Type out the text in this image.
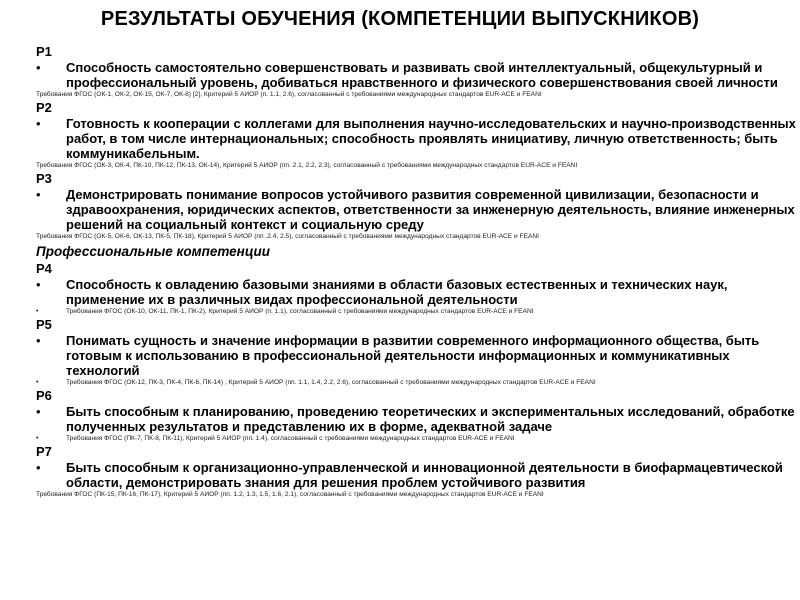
РЕЗУЛЬТАТЫ ОБУЧЕНИЯ (КОМПЕТЕНЦИИ ВЫПУСКНИКОВ)
Р1
• Способность самостоятельно совершенствовать и развивать свой интеллектуальный, общекультурный и профессиональный уровень, добиваться нравственного и физического совершенствования своей личности
Требования ФГОС (ОК-1, ОК-2, ОК-15, ОК-7, ОК-8) [2], Критерий 5 АИОР (п. 1.1, 2.6), согласованный с требованиями международных стандартов EUR-ACE и FEANI
Р2
• Готовность к кооперации с коллегами для выполнения научно-исследовательских и научно-производственных работ, в том числе интернациональных; способность проявлять инициативу, личную ответственность; быть коммуникабельным.
Требования ФГОС (ОК-3, ОК-4, ПК-10, ПК-12, ПК-13, ОК-14), Критерий 5 АИОР (пп. 2.1, 2.2, 2.3), согласованный с требованиями международных стандартов EUR-ACE и FEANI
Р3
• Демонстрировать понимание вопросов устойчивого развития современной цивилизации, безопасности и здравоохранения, юридических аспектов, ответственности за инженерную деятельность, влияние инженерных решений на социальный контекст и социальную среду
Требования ФГОС (ОК-5, ОК-6, ОК-13, ПК-5, ПК-18), Критерий 5 АИОР (пп .2.4, 2.5), согласованный с требованиями международных стандартов EUR-ACE и FEANI
Профессиональные компетенции
Р4
• Способность к овладению базовыми знаниями в области базовых естественных и технических наук, применение их в различных видах профессиональной деятельности
•	Требования ФГОС (ОК-10, ОК-11, ПК-1, ПК-2), Критерий 5 АИОР (п. 1.1), согласованный с требованиями международных стандартов EUR-ACE и FEANI
Р5
• Понимать сущность и значение информации в развитии современного информационного общества, быть готовым к использованию в профессиональной деятельности информационных и коммуникативных технологий
•	Требования ФГОС (ОК-12, ПК-3, ПК-4, ПК-6, ПК-14) , Критерий 5 АИОР (пп. 1.1, 1.4, 2.2, 2.6), согласованный с требованиями международных стандартов EUR-ACE и FEANI
Р6
• Быть способным к планированию, проведению теоретических и экспериментальных исследований, обработке полученных результатов и представлению их в форме, адекватной задаче
•	Требования ФГОС (ПК-7, ПК-8, ПК-11), Критерий 5 АИОР (пп. 1.4), согласованный с требованиями международных стандартов EUR-ACE и FEANI
Р7
• Быть способным к организационно-управленческой и инновационной деятельности в биофармацевтической области, демонстрировать знания для решения проблем устойчивого развития
Требования ФГОС (ПК-15, ПК-16, ПК-17), Критерий 5 АИОР (пп. 1.2, 1.3, 1.5, 1.6, 2.1), согласованный с требованиями международных стандартов EUR-ACE и FEANI
